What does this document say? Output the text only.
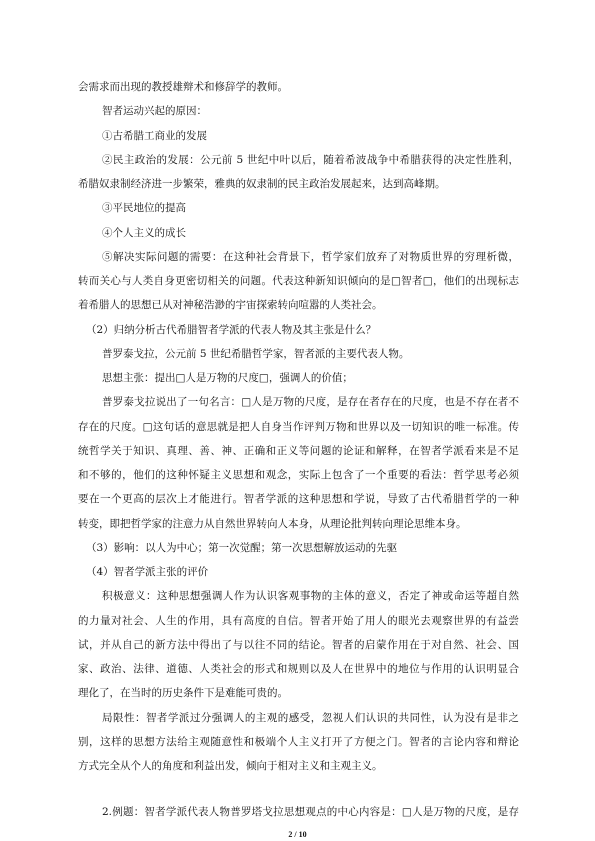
会需求而出现的教授雄辩术和修辞学的教师。
智者运动兴起的原因：
①古希腊工商业的发展
②民主政治的发展：公元前 5 世纪中叶以后，随着希波战争中希腊获得的决定性胜利，
希腊奴隶制经济进一步繁荣，雅典的奴隶制的民主政治发展起来，达到高峰期。
③平民地位的提高
④个人主义的成长
⑤解决实际问题的需要：在这种社会背景下，哲学家们放弃了对物质世界的穷理析微，
转而关心与人类自身更密切相关的问题。代表这种新知识倾向的是□智者□，他们的出现标志
着希腊人的思想已从对神秘浩渺的宇宙探索转向喧嚣的人类社会。
（2）归纳分析古代希腊智者学派的代表人物及其主张是什么？
普罗泰戈拉，公元前 5 世纪希腊哲学家，智者派的主要代表人物。
思想主张：提出□人是万物的尺度□，强调人的价值；
普罗泰戈拉说出了一句名言：□人是万物的尺度，是存在者存在的尺度，也是不存在者不
存在的尺度。□这句话的意思就是把人自身当作评判万物和世界以及一切知识的唯一标准。传
统哲学关于知识、真理、善、神、正确和正义等问题的论证和解释，在智者学派看来是不足
和不够的，他们的这种怀疑主义思想和观念，实际上包含了一个重要的看法：哲学思考必须
要在一个更高的层次上才能进行。智者学派的这种思想和学说，导致了古代希腊哲学的一种
转变，即把哲学家的注意力从自然世界转向人本身，从理论批判转向理论思维本身。
（3）影响：以人为中心；第一次觉醒；第一次思想解放运动的先驱
（4）智者学派主张的评价
积极意义：这种思想强调人作为认识客观事物的主体的意义，否定了神或命运等超自然
的力量对社会、人生的作用，具有高度的自信。智者开始了用人的眼光去观察世界的有益尝
试，并从自己的新方法中得出了与以往不同的结论。智者的启蒙作用在于对自然、社会、国
家、政治、法律、道德、人类社会的形式和规则以及人在世界中的地位与作用的认识明显合
理化了，在当时的历史条件下是难能可贵的。
局限性：智者学派过分强调人的主观的感受，忽视人们认识的共同性，认为没有是非之
别，这样的思想方法给主观随意性和极端个人主义打开了方便之门。智者的言论内容和辩论
方式完全从个人的角度和利益出发，倾向于相对主义和主观主义。
2.例题：智者学派代表人物普罗塔戈拉思想观点的中心内容是：□人是万物的尺度，是存
2 / 10
